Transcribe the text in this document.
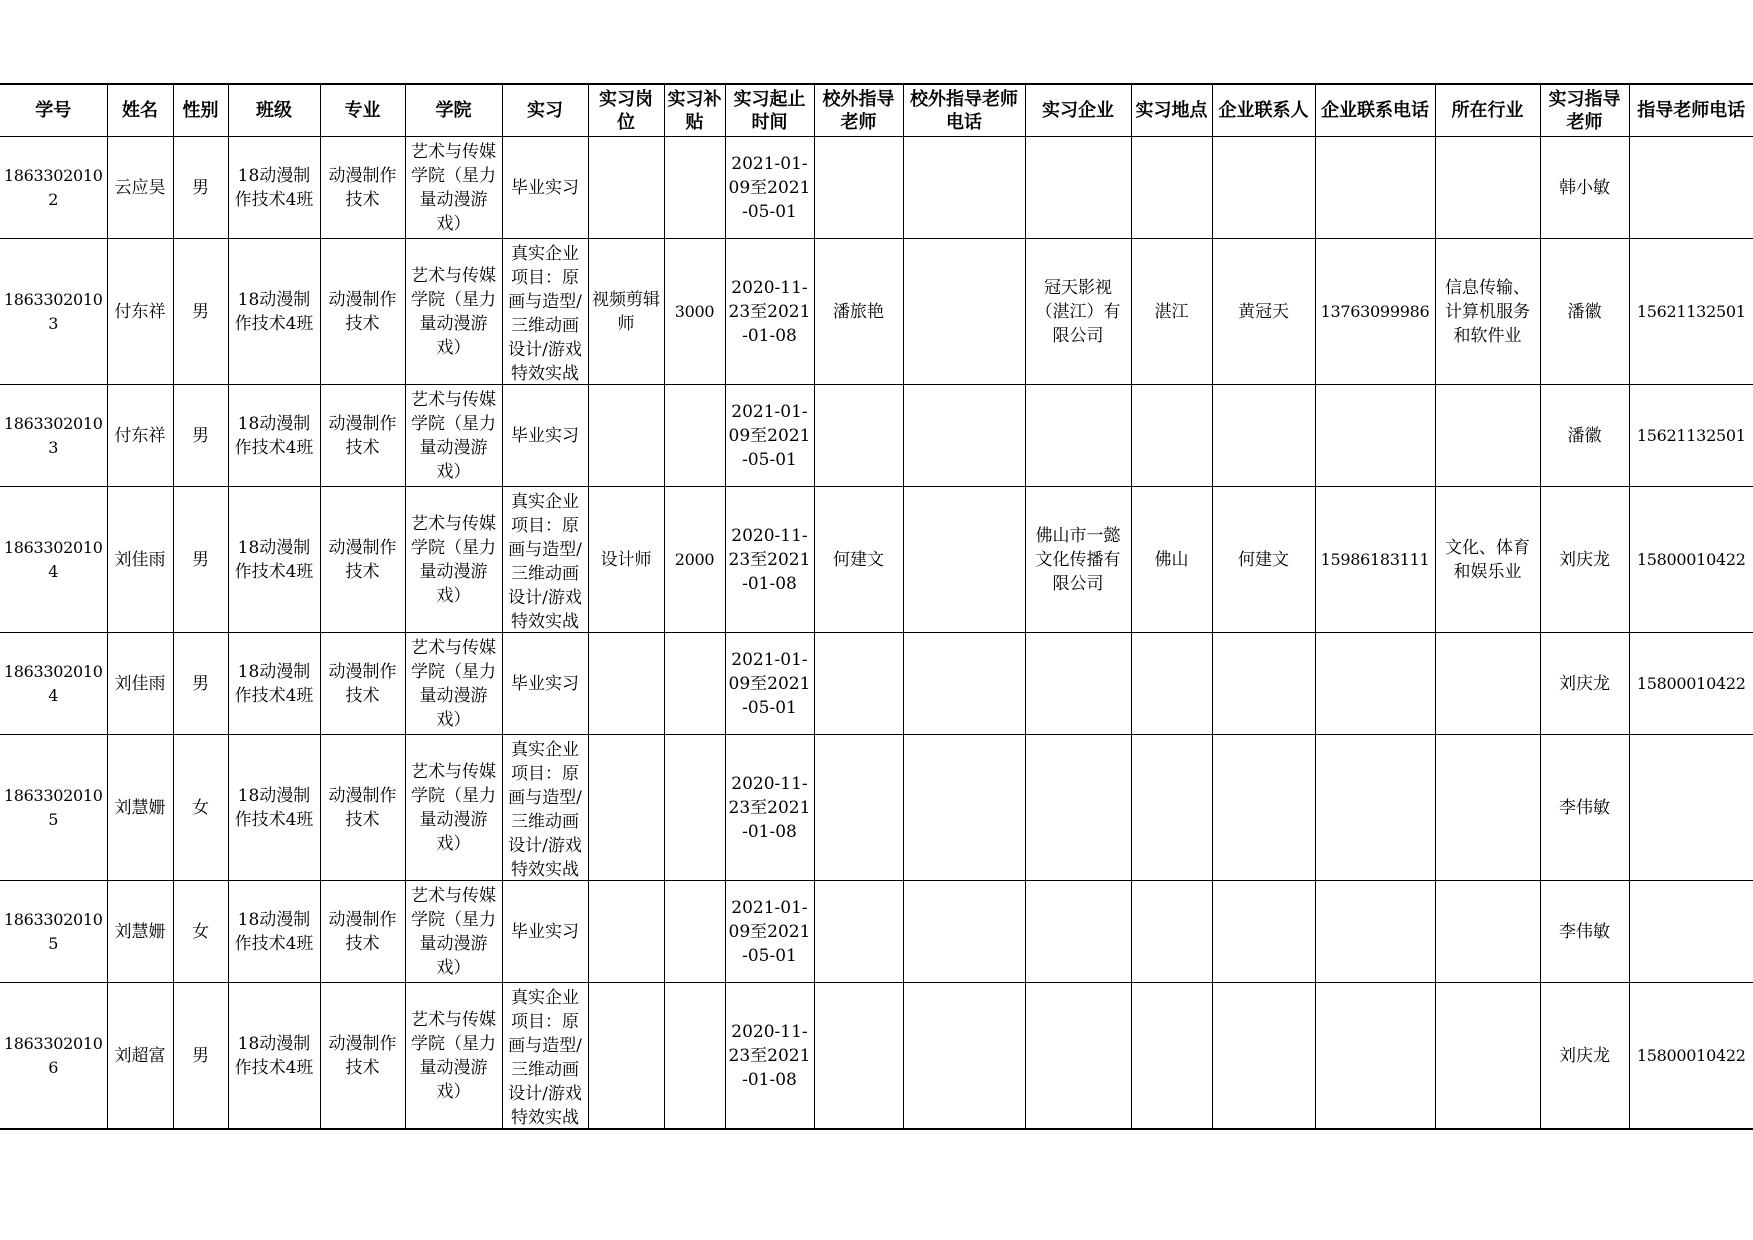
学号	姓名	性别	班级	专业	学院	实习	实习岗位	实习补贴	实习起止时间	校外指导老师	校外指导老师电话	实习企业	实习地点	企业联系人	企业联系电话	所在行业	实习指导老师	指导老师电话

18633020102	云应昊	男	18动漫制作技术4班	动漫制作技术	艺术与传媒学院（星力量动漫游戏）	毕业实习			2021-01-09至2021-05-01								韩小敏	

18633020103	付东祥	男	18动漫制作技术4班	动漫制作技术	艺术与传媒学院（星力量动漫游戏）	真实企业项目：原画与造型/三维动画设计/游戏特效实战	视频剪辑师	3000	2020-11-23至2021-01-08	潘旅艳		冠天影视（湛江）有限公司	湛江	黄冠天	13763099986	信息传输、计算机服务和软件业	潘徽	15621132501

18633020103	付东祥	男	18动漫制作技术4班	动漫制作技术	艺术与传媒学院（星力量动漫游戏）	毕业实习			2021-01-09至2021-05-01								潘徽	15621132501

18633020104	刘佳雨	男	18动漫制作技术4班	动漫制作技术	艺术与传媒学院（星力量动漫游戏）	真实企业项目：原画与造型/三维动画设计/游戏特效实战	设计师	2000	2020-11-23至2021-01-08	何建文		佛山市一懿文化传播有限公司	佛山	何建文	15986183111	文化、体育和娱乐业	刘庆龙	15800010422

18633020104	刘佳雨	男	18动漫制作技术4班	动漫制作技术	艺术与传媒学院（星力量动漫游戏）	毕业实习			2021-01-09至2021-05-01								刘庆龙	15800010422

18633020105	刘慧姗	女	18动漫制作技术4班	动漫制作技术	艺术与传媒学院（星力量动漫游戏）	真实企业项目：原画与造型/三维动画设计/游戏特效实战			2020-11-23至2021-01-08								李伟敏	

18633020105	刘慧姗	女	18动漫制作技术4班	动漫制作技术	艺术与传媒学院（星力量动漫游戏）	毕业实习			2021-01-09至2021-05-01								李伟敏	

18633020106	刘超富	男	18动漫制作技术4班	动漫制作技术	艺术与传媒学院（星力量动漫游戏）	真实企业项目：原画与造型/三维动画设计/游戏特效实战			2020-11-23至2021-01-08								刘庆龙	15800010422
